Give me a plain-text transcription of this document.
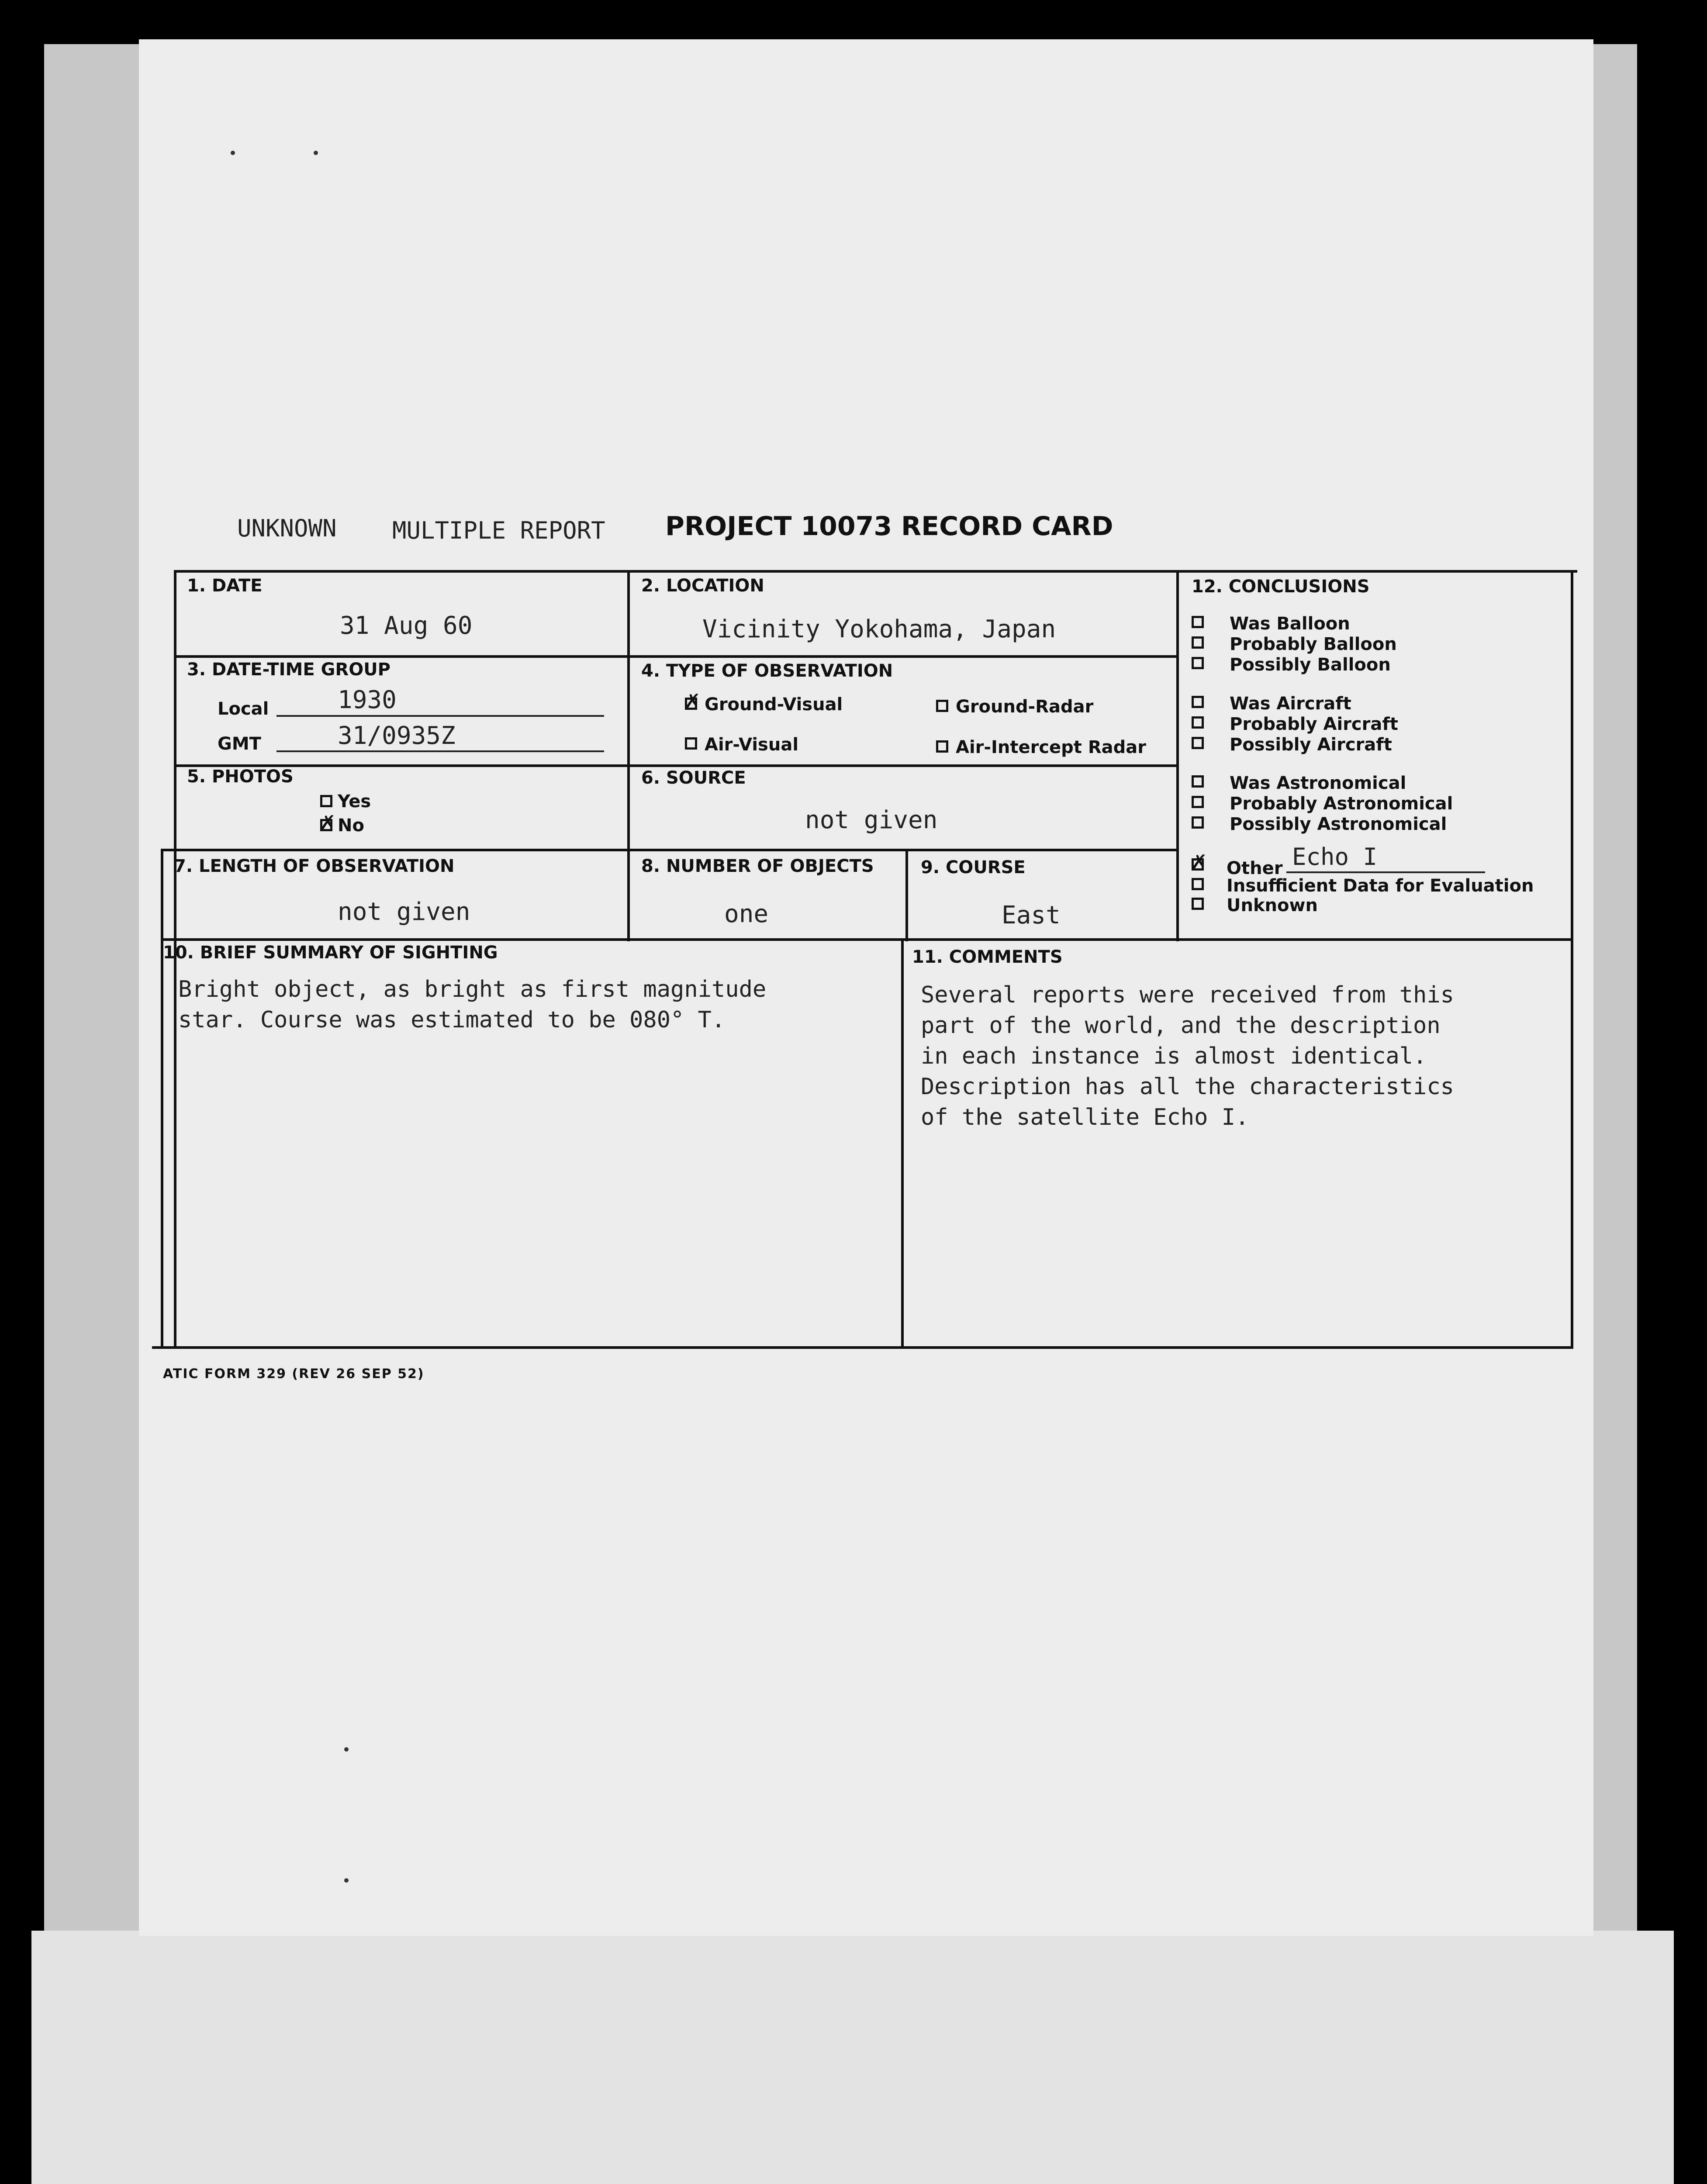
UNKNOWN MULTIPLE REPORT PROJECT 10073 RECORD CARD
1. DATE
31 Aug 60
2. LOCATION
Vicinity Yokohama, Japan
3. DATE-TIME GROUP
Local	1930
GMT	31/0935Z
4. TYPE OF OBSERVATION
✗
Ground-Visual	Ground-Radar
Air-Visual	Air-Intercept Radar
5. PHOTOS
Yes
✗
No
6. SOURCE
not given
7. LENGTH OF OBSERVATION
not given
8. NUMBER OF OBJECTS
one
9. COURSE
East
10. BRIEF SUMMARY OF SIGHTING
Bright object, as bright as first magnitude
star. Course was estimated to be 080° T.
11. COMMENTS
Several reports were received from this
part of the world, and the description
in each instance is almost identical.
Description has all the characteristics
of the satellite Echo I.
12. CONCLUSIONS
Was Balloon
Probably Balloon
Possibly Balloon
Was Aircraft
Probably Aircraft
Possibly Aircraft
Was Astronomical
Probably Astronomical
Possibly Astronomical
✗
Other Echo I
Insufficient Data for Evaluation
Unknown
ATIC FORM 329 (REV 26 SEP 52)
